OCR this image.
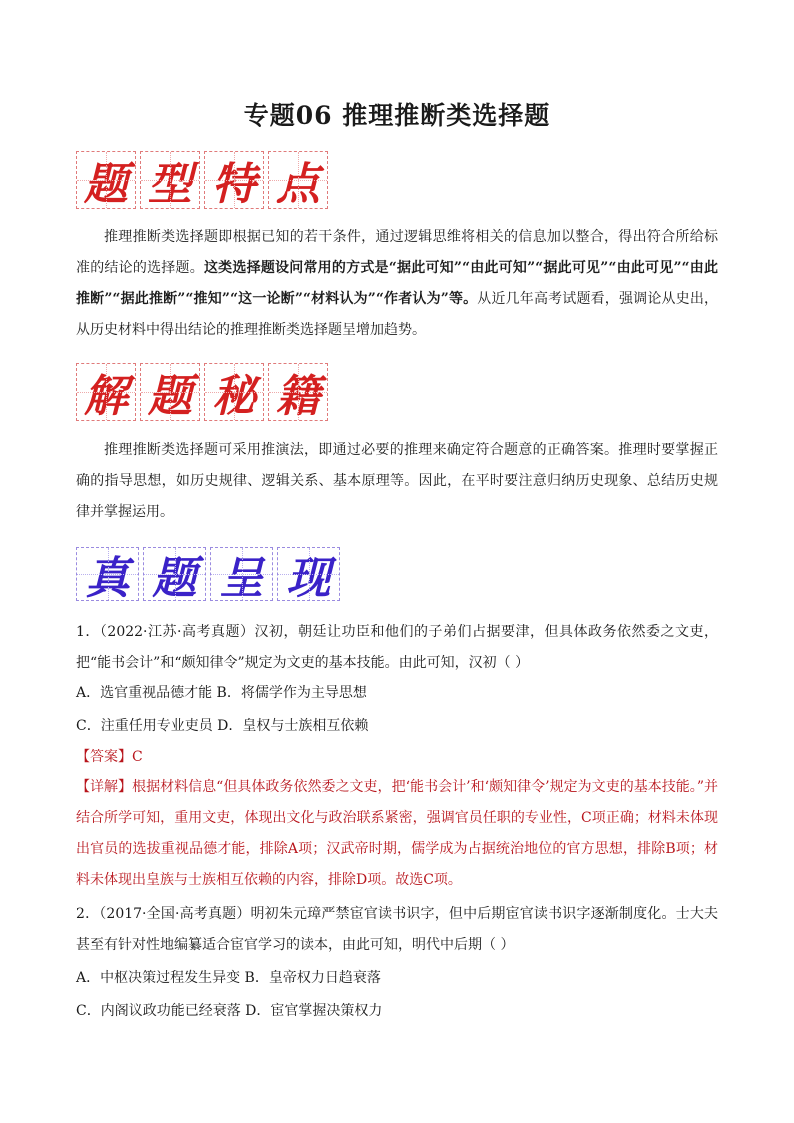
专题06 推理推断类选择题
题 型 特 点
推理推断类选择题即根据已知的若干条件，通过逻辑思维将相关的信息加以整合，得出符合所给标准的结论的选择题。这类选择题设问常用的方式是“据此可知”“由此可知”“据此可见”“由此可见”“由此推断”“据此推断”“推知”“这一论断”“材料认为”“作者认为”等。从近几年高考试题看，强调论从史出，从历史材料中得出结论的推理推断类选择题呈增加趋势。
解 题 秘 籍
推理推断类选择题可采用推演法，即通过必要的推理来确定符合题意的正确答案。推理时要掌握正确的指导思想，如历史规律、逻辑关系、基本原理等。因此，在平时要注意归纳历史现象、总结历史规律并掌握运用。
真 题 呈 现
1．（2022·江苏·高考真题）汉初，朝廷让功臣和他们的子弟们占据要津，但具体政务依然委之文吏，把“能书会计”和“颇知律令”规定为文吏的基本技能。由此可知，汉初（ ）
A．选官重视品德才能 B．将儒学作为主导思想
C．注重任用专业吏员 D．皇权与士族相互依赖
【答案】C
【详解】根据材料信息“但具体政务依然委之文吏，把‘能书会计’和‘颇知律令’规定为文吏的基本技能。”并结合所学可知，重用文吏，体现出文化与政治联系紧密，强调官员任职的专业性，C项正确；材料未体现出官员的选拔重视品德才能，排除A项；汉武帝时期，儒学成为占据统治地位的官方思想，排除B项；材料未体现出皇族与士族相互依赖的内容，排除D项。故选C项。
2．（2017·全国·高考真题）明初朱元璋严禁宦官读书识字，但中后期宦官读书识字逐渐制度化。士大夫甚至有针对性地编纂适合宦官学习的读本，由此可知，明代中后期（ ）
A．中枢决策过程发生异变 B．皇帝权力日趋衰落
C．内阁议政功能已经衰落 D．宦官掌握决策权力
